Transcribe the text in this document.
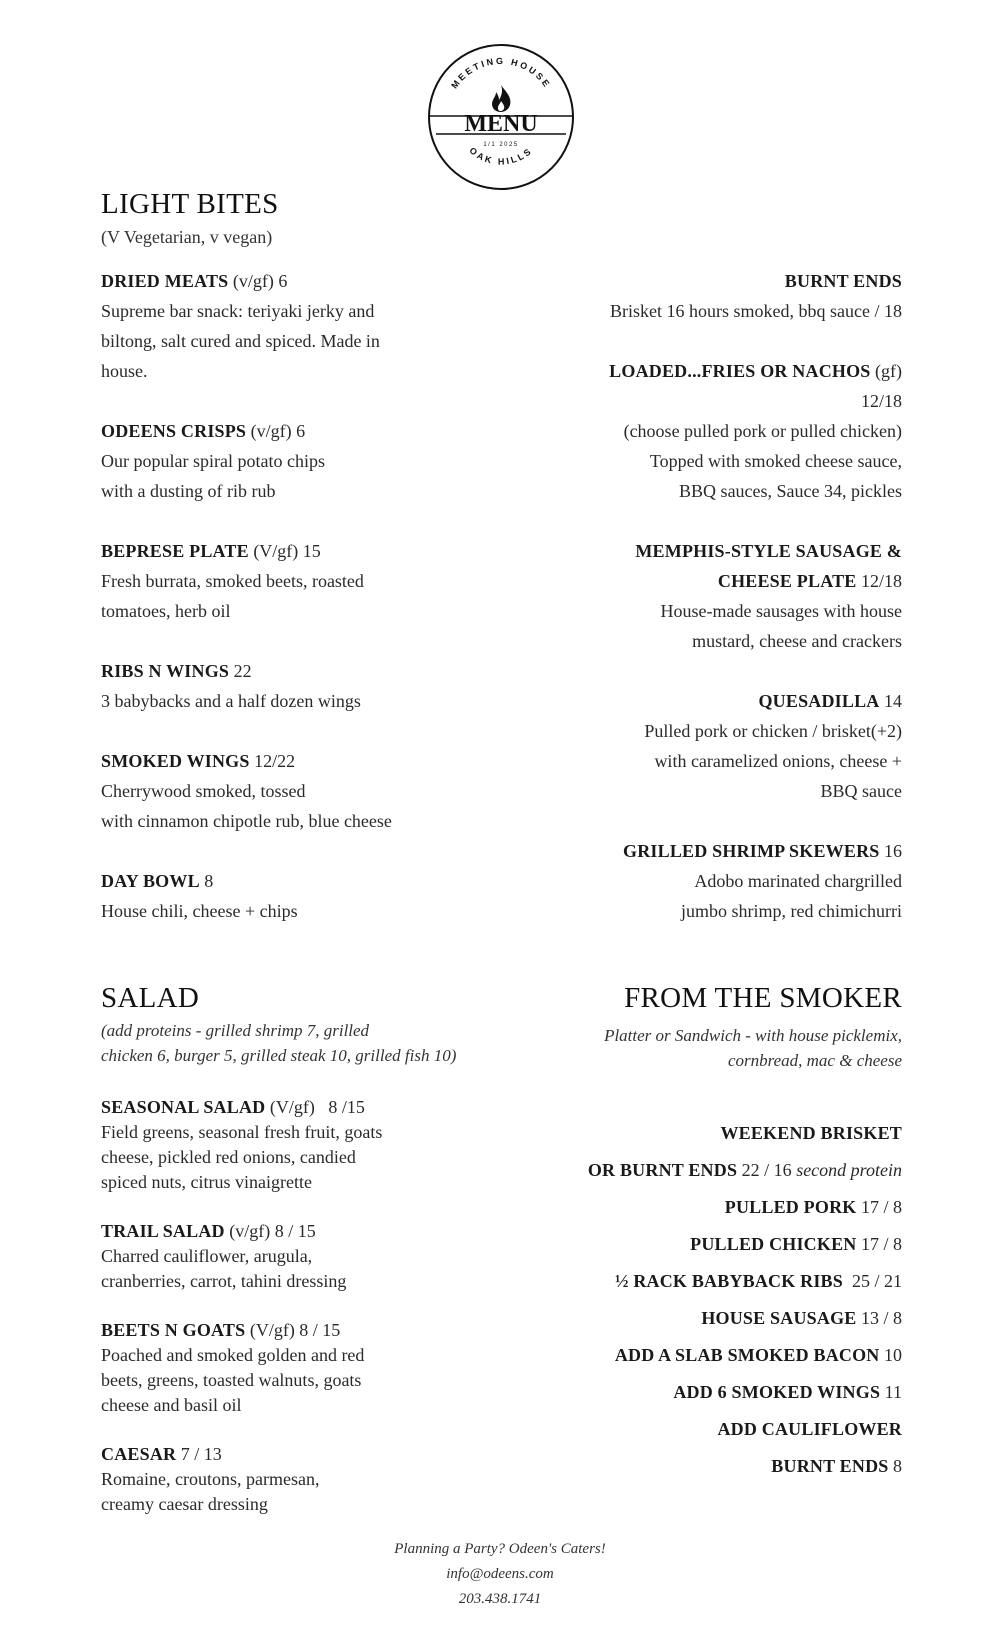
MEETING HOUSE
OAK HILLS
MENU
1/1 2025
LIGHT BITES
(V Vegetarian, v vegan)
DRIED MEATS (v/gf) 6
Supreme bar snack: teriyaki jerky and
biltong, salt cured and spiced. Made in
house.
ODEENS CRISPS (v/gf) 6
Our popular spiral potato chips
with a dusting of rib rub
BEPRESE PLATE (V/gf) 15
Fresh burrata, smoked beets, roasted
tomatoes, herb oil
RIBS N WINGS 22
3 babybacks and a half dozen wings
SMOKED WINGS 12/22
Cherrywood smoked, tossed
with cinnamon chipotle rub, blue cheese
DAY BOWL 8
House chili, cheese + chips
BURNT ENDS
Brisket 16 hours smoked, bbq sauce / 18
LOADED...FRIES OR NACHOS (gf)
12/18
(choose pulled pork or pulled chicken)
Topped with smoked cheese sauce,
BBQ sauces, Sauce 34, pickles
MEMPHIS-STYLE SAUSAGE &
CHEESE PLATE 12/18
House-made sausages with house
mustard, cheese and crackers
QUESADILLA 14
Pulled pork or chicken / brisket(+2)
with caramelized onions, cheese +
BBQ sauce
GRILLED SHRIMP SKEWERS 16
Adobo marinated chargrilled
jumbo shrimp, red chimichurri
SALAD
(add proteins - grilled shrimp 7, grilled
chicken 6, burger 5, grilled steak 10, grilled fish 10)
SEASONAL SALAD (V/gf)   8 /15
Field greens, seasonal fresh fruit, goats
cheese, pickled red onions, candied
spiced nuts, citrus vinaigrette
TRAIL SALAD (v/gf) 8 / 15
Charred cauliflower, arugula,
cranberries, carrot, tahini dressing
BEETS N GOATS (V/gf) 8 / 15
Poached and smoked golden and red
beets, greens, toasted walnuts, goats
cheese and basil oil
CAESAR 7 / 13
Romaine, croutons, parmesan,
creamy caesar dressing
FROM THE SMOKER
Platter or Sandwich - with house picklemix,
cornbread, mac & cheese
WEEKEND BRISKET
OR BURNT ENDS 22 / 16 second protein
PULLED PORK 17 / 8
PULLED CHICKEN 17 / 8
½ RACK BABYBACK RIBS  25 / 21
HOUSE SAUSAGE 13 / 8
ADD A SLAB SMOKED BACON 10
ADD 6 SMOKED WINGS 11
ADD CAULIFLOWER
BURNT ENDS 8
Planning a Party? Odeen's Caters!
info@odeens.com
203.438.1741
